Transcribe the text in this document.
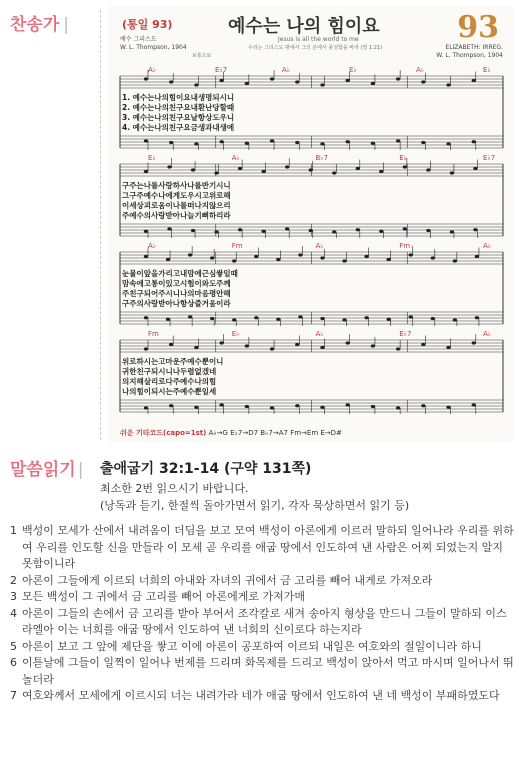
찬송가 |	(통일 93)	예수는 나의 힘이요	93
Jesus is all the world to me
우리는 그리스도 밖에서 그의 손에서 풍성함을 바라 (빌 1:21)
예수 그리스도
W. L. Thompson, 1904
보통으로
ELIZABETH: IRREG.
W. L. Thompson, 1904
A♭	E♭7	A♭	E♭	A♭	E♭
1. 예수는나의힘이요내생명되시니
2. 예수는나의친구요내환난당할때
3. 예수는나의친구요날항상도우니
4. 예수는나의친구요금생과내생에
E♭	A♭	B♭7	E♭	E♭7
구주는나를사랑하사나를반기시니
그구주예수나에게도우시고위로해
이세상괴로움이나를떠나지않으리
주예수의사랑받아나늘기뻐하리라
A♭	Fm	A♭	Fm	A♭
눈물이앞을가리고내맘에근심쌓일때
맘속에고통이있고시험이와도주께
주친구되어주시니나의마음평안해
구주의사랑받아나항상즐거움이라
Fm	E♭	A♭	E♭7	A♭
위로하시는고마운주예수뿐이니
귀한친구되시니나두렴없겠네
의지해살리로다주예수나의힘
나의힘이되시는주예수뿐일세
쉬운 기타코드(capo=1st) A♭→G E♭7→D7 B♭7→A7 Fm→Em E→D#
말씀읽기 | 출애굽기 32:1-14 (구약 131쪽)
최소한 2번 읽으시기 바랍니다.
(낭독과 듣기, 한절씩 돌아가면서 읽기, 각자 묵상하면서 읽기 등)
1 백성이 모세가 산에서 내려옴이 더딤을 보고 모여 백성이 아론에게 이르러 말하되 일어나라 우리를 위하여 우리를 인도할 신을 만들라 이 모세 곧 우리를 애굽 땅에서 인도하여 낸 사람은 어찌 되었는지 알지 못함이니라
2 아론이 그들에게 이르되 너희의 아내와 자녀의 귀에서 금 고리를 빼어 내게로 가져오라
3 모든 백성이 그 귀에서 금 고리를 빼어 아론에게로 가져가매
4 아론이 그들의 손에서 금 고리를 받아 부어서 조각칼로 새겨 송아지 형상을 만드니 그들이 말하되 이스라엘아 이는 너희를 애굽 땅에서 인도하여 낸 너희의 신이로다 하는지라
5 아론이 보고 그 앞에 제단을 쌓고 이에 아론이 공포하여 이르되 내일은 여호와의 절일이니라 하니
6 이튿날에 그들이 일찍이 일어나 번제를 드리며 화목제를 드리고 백성이 앉아서 먹고 마시며 일어나서 뛰놀더라
7 여호와께서 모세에게 이르시되 너는 내려가라 네가 애굽 땅에서 인도하여 낸 네 백성이 부패하였도다
